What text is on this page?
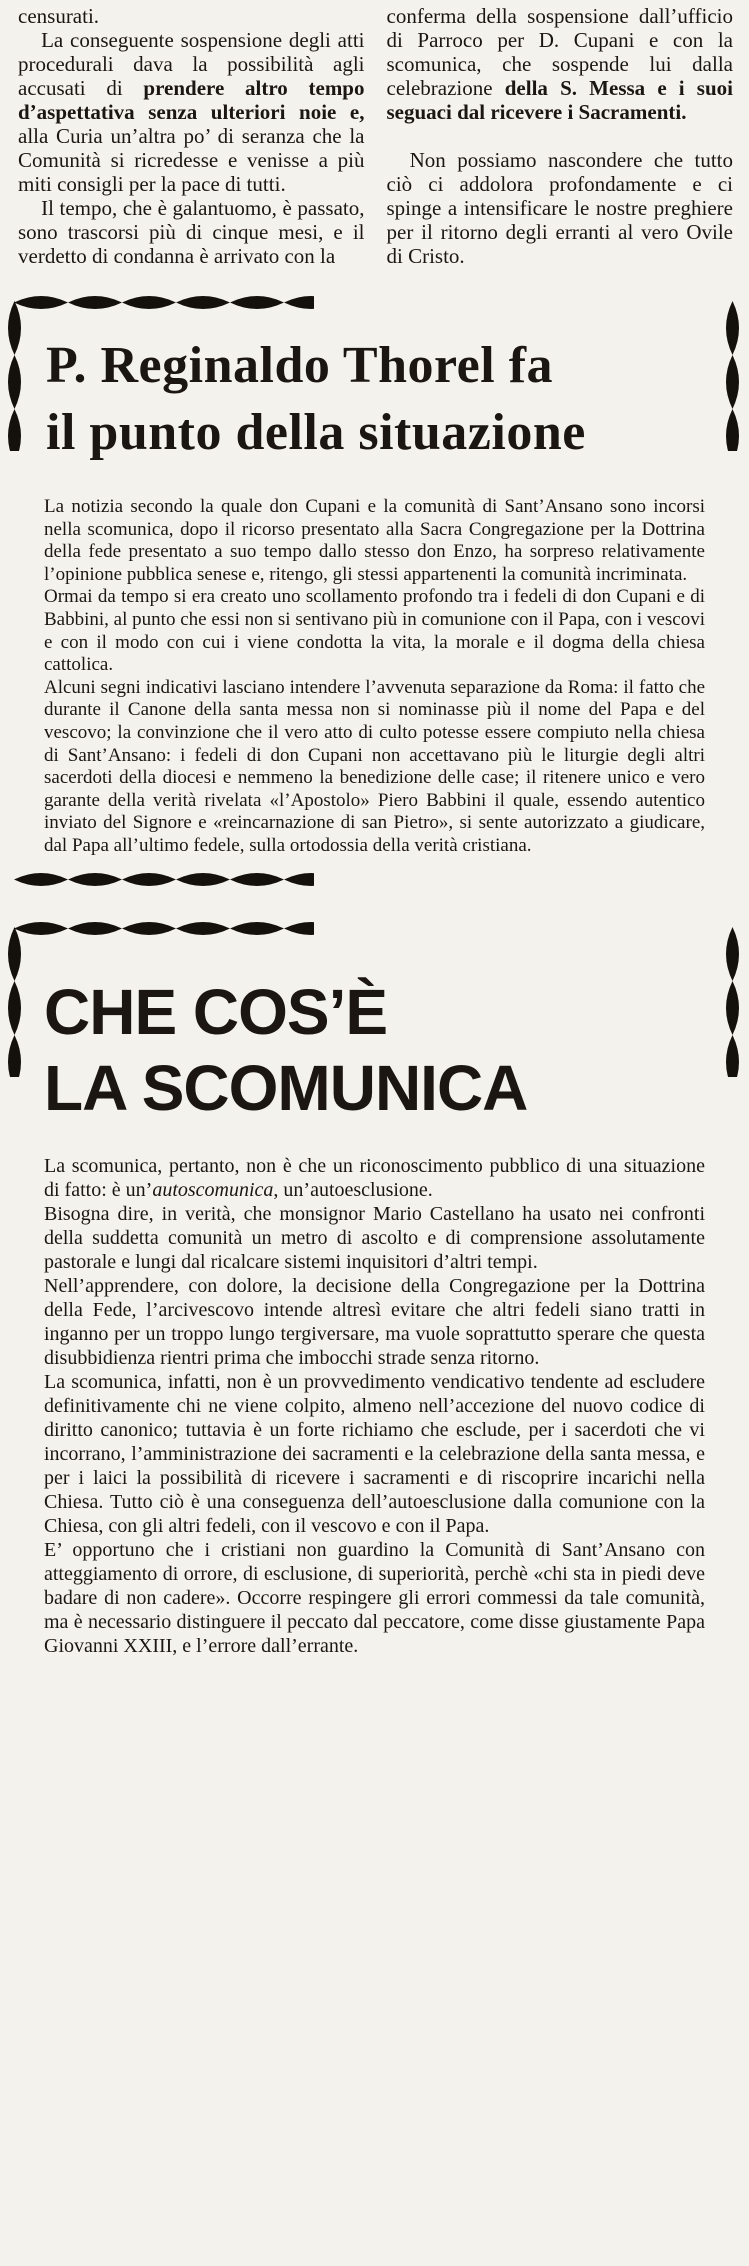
censurati.

La conseguente sospensione degli atti procedurali dava la possibilità agli accusati di prendere altro tempo d’aspettativa senza ulteriori noie e, alla Curia un’altra po’ di seranza che la Comunità si ricredesse e venisse a più miti consigli per la pace di tutti.

Il tempo, che è galantuomo, è passato, sono trascorsi più di cinque mesi, e il verdetto di condanna è arrivato con la

conferma della sospensione dall’ufficio di Parroco per D. Cupani e con la scomunica, che sospende lui dalla celebrazione della S. Messa e i suoi seguaci dal ricevere i Sacramenti.

Non possiamo nascondere che tutto ciò ci addolora profondamente e ci spinge a intensificare le nostre preghiere per il ritorno degli erranti al vero Ovile di Cristo.

P. Reginaldo Thorel fa
il punto della situazione

La notizia secondo la quale don Cupani e la comunità di Sant’Ansano sono incorsi nella scomunica, dopo il ricorso presentato alla Sacra Congregazione per la Dottrina della fede presentato a suo tempo dallo stesso don Enzo, ha sorpreso relativamente l’opinione pubblica senese e, ritengo, gli stessi appartenenti la comunità incriminata.

Ormai da tempo si era creato uno scollamento profondo tra i fedeli di don Cupani e di Babbini, al punto che essi non si sentivano più in comunione con il Papa, con i vescovi e con il modo con cui i viene condotta la vita, la morale e il dogma della chiesa cattolica.

Alcuni segni indicativi lasciano intendere l’avvenuta separazione da Roma: il fatto che durante il Canone della santa messa non si nominasse più il nome del Papa e del vescovo; la convinzione che il vero atto di culto potesse essere compiuto nella chiesa di Sant’Ansano: i fedeli di don Cupani non accettavano più le liturgie degli altri sacerdoti della diocesi e nemmeno la benedizione delle case; il ritenere unico e vero garante della verità rivelata «l’Apostolo» Piero Babbini il quale, essendo autentico inviato del Signore e «reincarnazione di san Pietro», si sente autorizzato a giudicare, dal Papa all’ultimo fedele, sulla ortodossia della verità cristiana.

CHE COS’È
LA SCOMUNICA

La scomunica, pertanto, non è che un riconoscimento pubblico di una situazione di fatto: è un’autoscomunica, un’autoesclusione.

Bisogna dire, in verità, che monsignor Mario Castellano ha usato nei confronti della suddetta comunità un metro di ascolto e di comprensione assolutamente pastorale e lungi dal ricalcare sistemi inquisitori d’altri tempi.

Nell’apprendere, con dolore, la decisione della Congregazione per la Dottrina della Fede, l’arcivescovo intende altresì evitare che altri fedeli siano tratti in inganno per un troppo lungo tergiversare, ma vuole soprattutto sperare che questa disubbidienza rientri prima che imbocchi strade senza ritorno.

La scomunica, infatti, non è un provvedimento vendicativo tendente ad escludere definitivamente chi ne viene colpito, almeno nell’accezione del nuovo codice di diritto canonico; tuttavia è un forte richiamo che esclude, per i sacerdoti che vi incorrano, l’amministrazione dei sacramenti e la celebrazione della santa messa, e per i laici la possibilità di ricevere i sacramenti e di riscoprire incarichi nella Chiesa. Tutto ciò è una conseguenza dell’autoesclusione dalla comunione con la Chiesa, con gli altri fedeli, con il vescovo e con il Papa.

E’ opportuno che i cristiani non guardino la Comunità di Sant’Ansano con atteggiamento di orrore, di esclusione, di superiorità, perchè «chi sta in piedi deve badare di non cadere». Occorre respingere gli errori commessi da tale comunità, ma è necessario distinguere il peccato dal peccatore, come disse giustamente Papa Giovanni XXIII, e l’errore dall’errante.
